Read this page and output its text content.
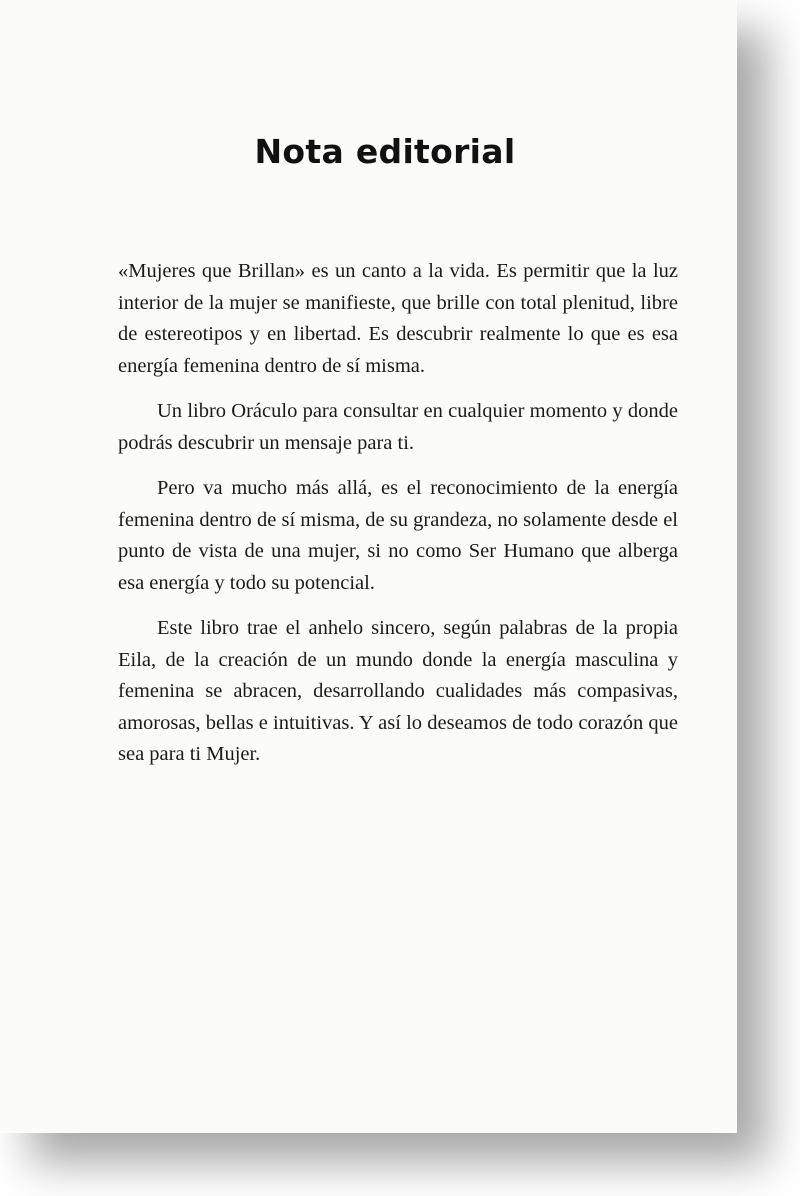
Nota editorial

«Mujeres que Brillan» es un canto a la vida. Es permitir que la luz interior de la mujer se manifieste, que brille con total plenitud, libre de estereotipos y en libertad. Es descubrir realmente lo que es esa energía femenina dentro de sí misma.

Un libro Oráculo para consultar en cualquier momento y donde podrás descubrir un mensaje para ti.

Pero va mucho más allá, es el reconocimiento de la energía femenina dentro de sí misma, de su grandeza, no solamente desde el punto de vista de una mujer, si no como Ser Humano que alberga esa energía y todo su potencial.

Este libro trae el anhelo sincero, según palabras de la propia Eila, de la creación de un mundo donde la energía masculina y femenina se abracen, desarrollando cualidades más compasivas, amorosas, bellas e intuitivas. Y así lo deseamos de todo corazón que sea para ti Mujer.
